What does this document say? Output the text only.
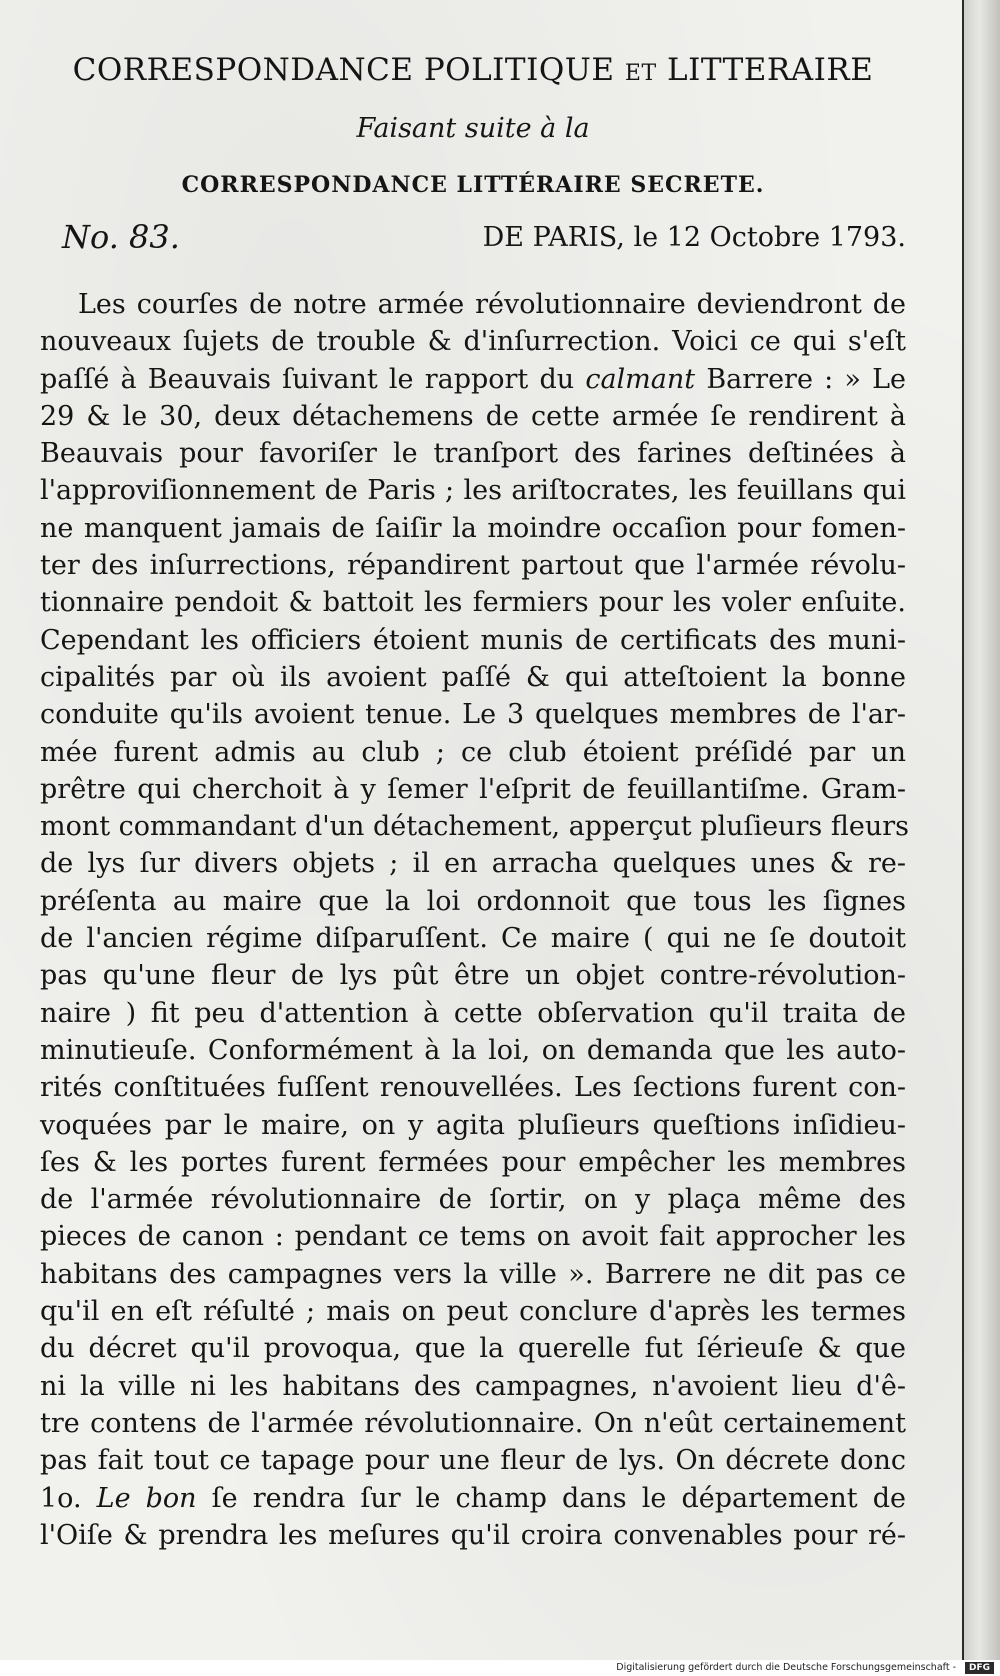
CORRESPONDANCE POLITIQUE ET LITTERAIRE
Faisant suite à la
CORRESPONDANCE LITTÉRAIRE SECRETE.
No. 83.	DE PARIS, le 12 Octobre 1793.
Les courſes de notre armée révolutionnaire deviendront de
nouveaux ſujets de trouble & d'inſurrection. Voici ce qui s'eſt
paſſé à Beauvais ſuivant le rapport du calmant Barrere : » Le
29 & le 30, deux détachemens de cette armée ſe rendirent à
Beauvais pour favoriſer le tranſport des farines deſtinées à
l'approviſionnement de Paris ; les ariſtocrates, les feuillans qui
ne manquent jamais de ſaiſir la moindre occaſion pour fomen-
ter des inſurrections, répandirent partout que l'armée révolu-
tionnaire pendoit & battoit les fermiers pour les voler enſuite.
Cependant les officiers étoient munis de certificats des muni-
cipalités par où ils avoient paſſé & qui atteſtoient la bonne
conduite qu'ils avoient tenue. Le 3 quelques membres de l'ar-
mée furent admis au club ; ce club étoient préſidé par un
prêtre qui cherchoit à y ſemer l'eſprit de feuillantiſme. Gram-
mont commandant d'un détachement, apperçut pluſieurs fleurs
de lys ſur divers objets ; il en arracha quelques unes & re-
préſenta au maire que la loi ordonnoit que tous les ſignes
de l'ancien régime diſparuſſent. Ce maire ( qui ne ſe doutoit
pas qu'une fleur de lys pût être un objet contre-révolution-
naire ) fit peu d'attention à cette obſervation qu'il traita de
minutieuſe. Conformément à la loi, on demanda que les auto-
rités conſtituées fuſſent renouvellées. Les ſections furent con-
voquées par le maire, on y agita pluſieurs queſtions inſidieu-
ſes & les portes furent fermées pour empêcher les membres
de l'armée révolutionnaire de ſortir, on y plaça même des
pieces de canon : pendant ce tems on avoit fait approcher les
habitans des campagnes vers la ville ». Barrere ne dit pas ce
qu'il en eſt réſulté ; mais on peut conclure d'après les termes
du décret qu'il provoqua, que la querelle fut ſérieuſe & que
ni la ville ni les habitans des campagnes, n'avoient lieu d'ê-
tre contens de l'armée révolutionnaire. On n'eût certainement
pas fait tout ce tapage pour une fleur de lys. On décrete donc
1o. Le bon ſe rendra ſur le champ dans le département de
l'Oiſe & prendra les meſures qu'il croira convenables pour ré-
Digitalisierung gefördert durch die Deutsche Forschungsgemeinschaft -	DFG
